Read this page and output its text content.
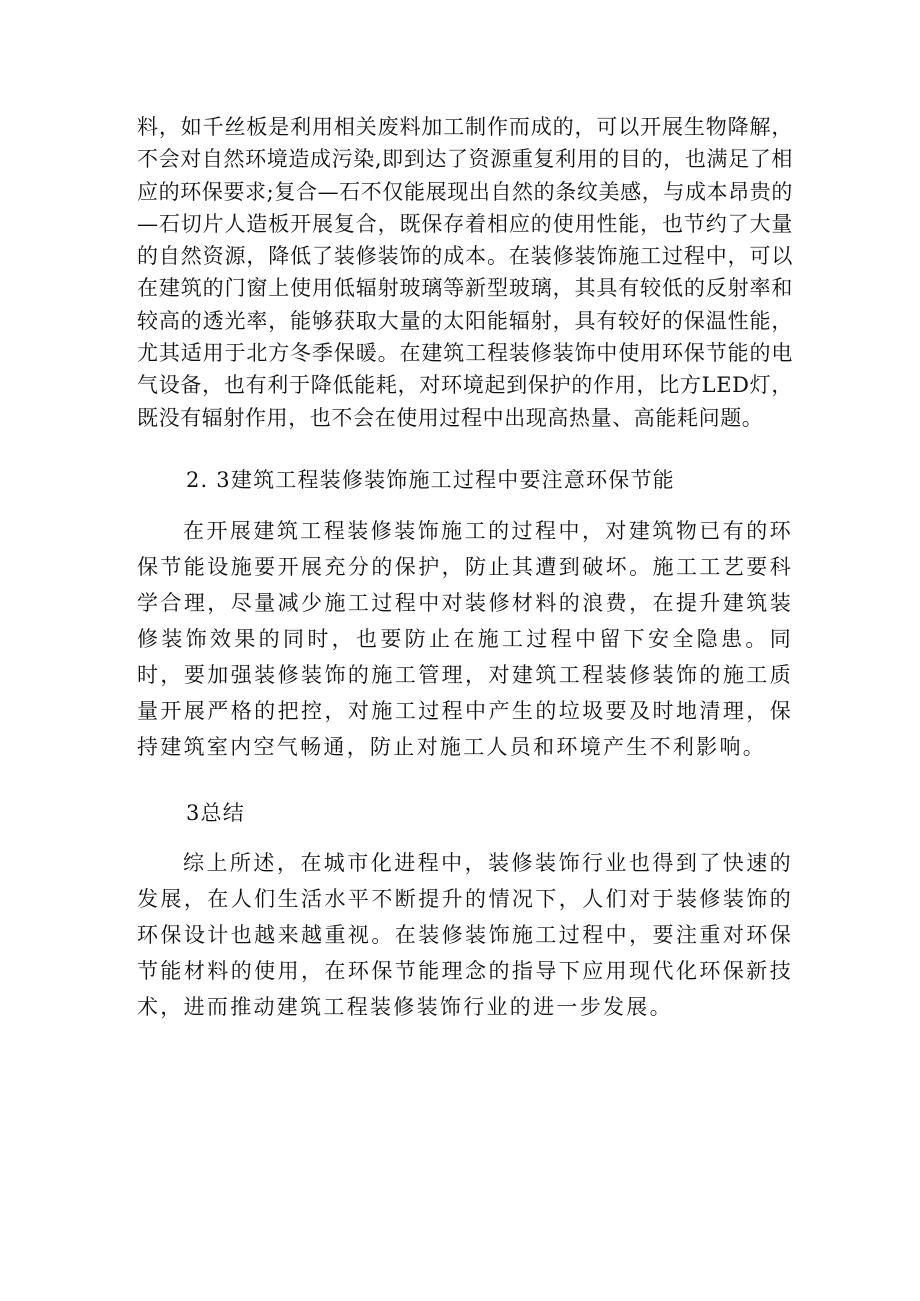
料，如千丝板是利用相关废料加工制作而成的，可以开展生物降解，不会对自然环境造成污染,即到达了资源重复利用的目的，也满足了相应的环保要求;复合—石不仅能展现出自然的条纹美感，与成本昂贵的—石切片人造板开展复合，既保存着相应的使用性能，也节约了大量的自然资源，降低了装修装饰的成本。在装修装饰施工过程中，可以在建筑的门窗上使用低辐射玻璃等新型玻璃，其具有较低的反射率和较高的透光率，能够获取大量的太阳能辐射，具有较好的保温性能，尤其适用于北方冬季保暖。在建筑工程装修装饰中使用环保节能的电气设备，也有利于降低能耗，对环境起到保护的作用，比方LED灯，既没有辐射作用，也不会在使用过程中出现高热量、高能耗问题。

2. 3建筑工程装修装饰施工过程中要注意环保节能

在开展建筑工程装修装饰施工的过程中，对建筑物已有的环保节能设施要开展充分的保护，防止其遭到破坏。施工工艺要科学合理，尽量减少施工过程中对装修材料的浪费，在提升建筑装修装饰效果的同时，也要防止在施工过程中留下安全隐患。同时，要加强装修装饰的施工管理，对建筑工程装修装饰的施工质量开展严格的把控，对施工过程中产生的垃圾要及时地清理，保持建筑室内空气畅通，防止对施工人员和环境产生不利影响。

3总结

综上所述，在城市化进程中，装修装饰行业也得到了快速的发展，在人们生活水平不断提升的情况下，人们对于装修装饰的环保设计也越来越重视。在装修装饰施工过程中，要注重对环保节能材料的使用，在环保节能理念的指导下应用现代化环保新技术，进而推动建筑工程装修装饰行业的进一步发展。
